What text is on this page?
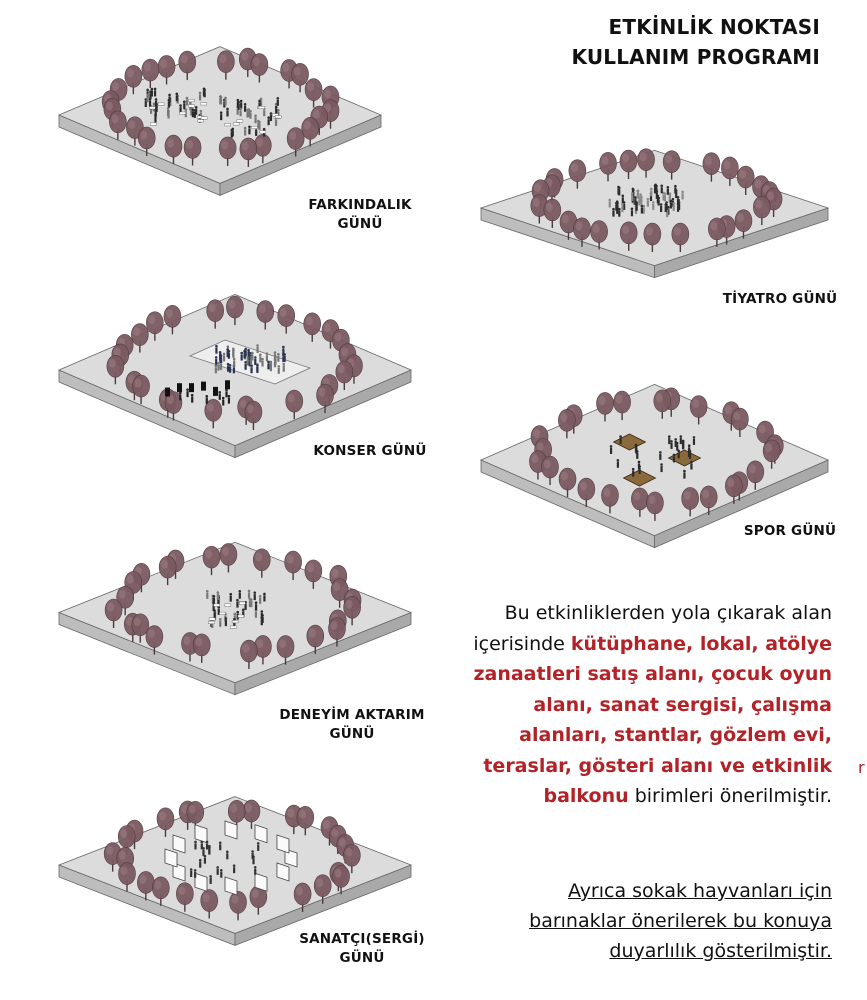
ETKİNLİK NOKTASI
KULLANIM PROGRAMI
FARKINDALIK
GÜNÜ
TİYATRO GÜNÜ
KONSER GÜNÜ
SPOR GÜNÜ
DENEYİM AKTARIM
GÜNÜ
SANATÇI(SERGİ)
GÜNÜ
Bu etkinliklerden yola çıkarak alan içerisinde kütüphane, lokal, atölye zanaatleri satış alanı, çocuk oyun alanı, sanat sergisi, çalışma alanları, stantlar, gözlem evi, teraslar, gösteri alanı ve etkinlik balkonu birimleri önerilmiştir.
Ayrıca sokak hayvanları için
barınaklar önerilerek bu konuya
duyarlılık gösterilmiştir.
r
